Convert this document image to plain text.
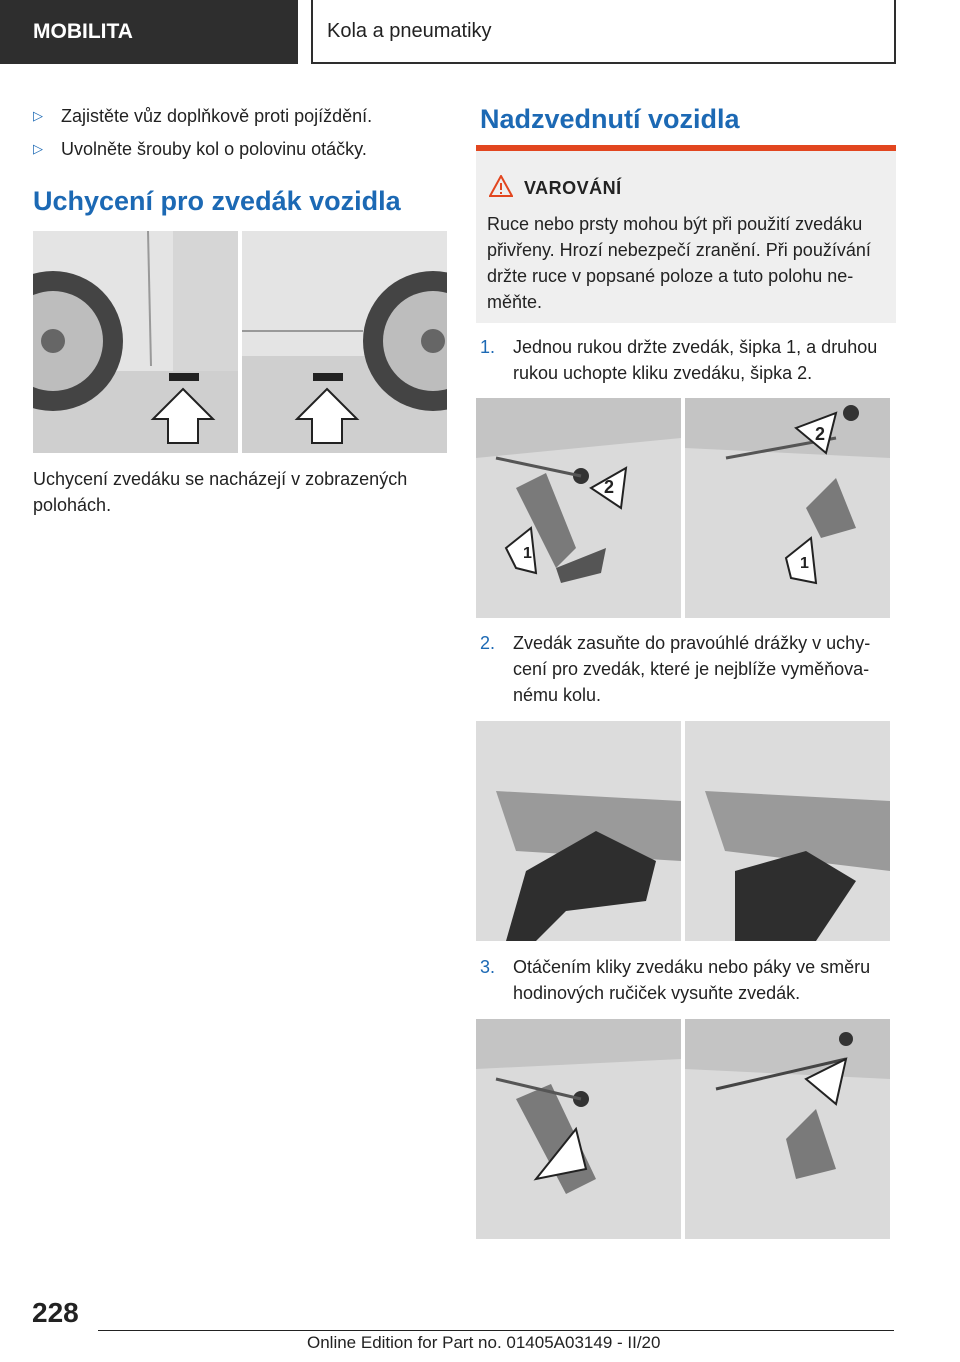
MOBILITA	Kola a pneumatiky
▷ Zajistěte vůz doplňkově proti pojíždění.
▷ Uvolněte šrouby kol o polovinu otáčky.
Uchycení pro zvedák vozidla
Uchycení zvedáku se nacházejí v zobrazených
polohách.
Nadzvednutí vozidla
VAROVÁNÍ
Ruce nebo prsty mohou být při použití zvedáku
přivřeny. Hrozí nebezpečí zranění. Při používání
držte ruce v popsané poloze a tuto polohu ne-
měňte.
1. Jednou rukou držte zvedák, šipka 1, a druhou
rukou uchopte kliku zvedáku, šipka 2.
1
2
1
2
2. Zvedák zasuňte do pravoúhlé drážky v uchy-
cení pro zvedák, které je nejblíže vyměňova-
nému kolu.
3. Otáčením kliky zvedáku nebo páky ve směru
hodinových ručiček vysuňte zvedák.
228
Online Edition for Part no. 01405A03149 - II/20
